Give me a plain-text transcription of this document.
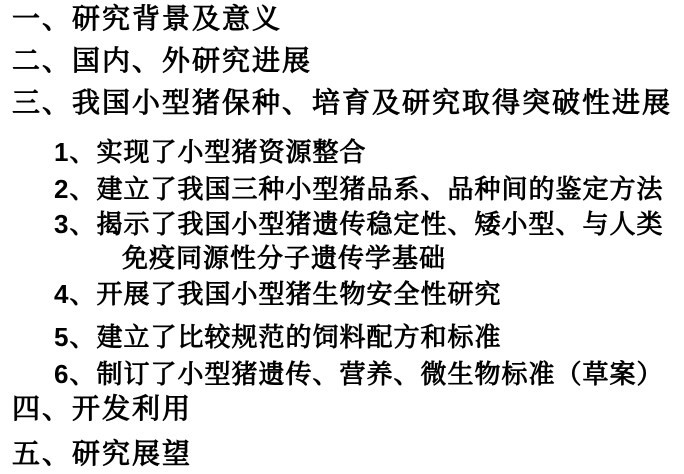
一、研究背景及意义
二、国内、外研究进展
三、我国小型猪保种、培育及研究取得突破性进展
1、实现了小型猪资源整合
2、建立了我国三种小型猪品系、品种间的鉴定方法
3、揭示了我国小型猪遗传稳定性、矮小型、与人类
免疫同源性分子遗传学基础
4、开展了我国小型猪生物安全性研究
5、建立了比较规范的饲料配方和标准
6、制订了小型猪遗传、营养、微生物标准（草案）
四、开发利用
五、研究展望
